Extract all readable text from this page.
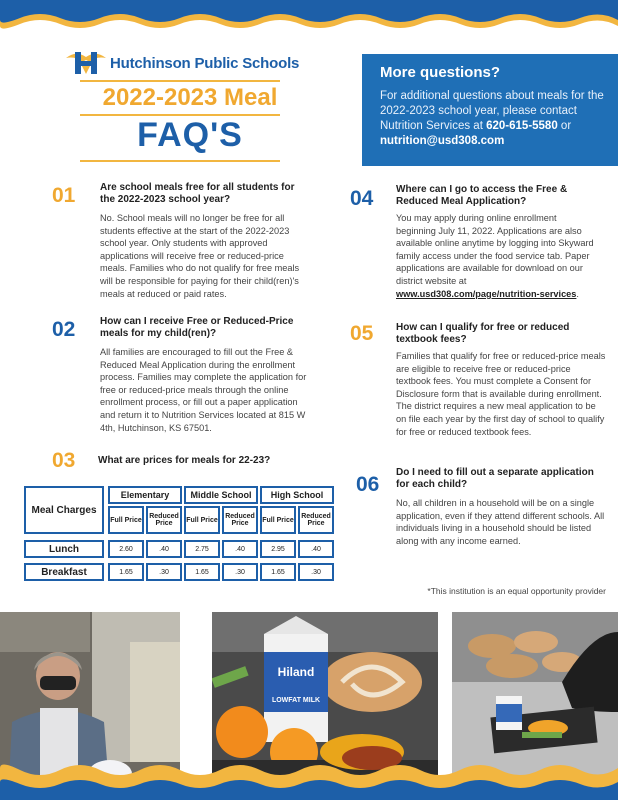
Hutchinson Public Schools
2022-2023 Meal
FAQ'S
More questions?

For additional questions about meals for the 2022-2023 school year, please contact Nutrition Services at 620-615-5580 or nutrition@usd308.com

01 Are school meals free for all students for the 2022-2023 school year?
No. School meals will no longer be free for all students effective at the start of the 2022-2023 school year. Only students with approved applications will receive free or reduced-price meals. Families who do not qualify for free meals will be responsible for paying for their child(ren)'s meals at reduced or paid rates.
02 How can I receive Free or Reduced-Price meals for my child(ren)?
All families are encouraged to fill out the Free & Reduced Meal Application during the enrollment process. Families may complete the application for free or reduced-price meals through the online enrollment process, or fill out a paper application and return it to Nutrition Services located at 815 W 4th, Hutchinson, KS 67501.
03 What are prices for meals for 22-23?
Meal Charges
Elementary	Middle School	High School
Full Price	Reduced Price	Full Price	Reduced Price	Full Price	Reduced Price
Lunch	2.60	.40	2.75	.40	2.95	.40
Breakfast	1.65	.30	1.65	.30	1.65	.30
04 Where can I go to access the Free & Reduced Meal Application?
You may apply during online enrollment beginning July 11, 2022. Applications are also available online anytime by logging into Skyward family access under the food service tab. Paper applications are available for download on our district website at www.usd308.com/page/nutrition-services.
05 How can I qualify for free or reduced textbook fees?
Families that qualify for free or reduced-price meals are eligible to receive free or reduced-price textbook fees. You must complete a Consent for Disclosure form that is available during enrollment. The district requires a new meal application to be on file each year by the first day of school to qualify for free or reduced textbook fees.
06
Do I need to fill out a separate application for each child?
No, all children in a household will be on a single application, even if they attend different schools. All individuals living in a household should be listed along with any income earned.
*This institution is an equal opportunity provider
Hiland
LOWFAT MILK
